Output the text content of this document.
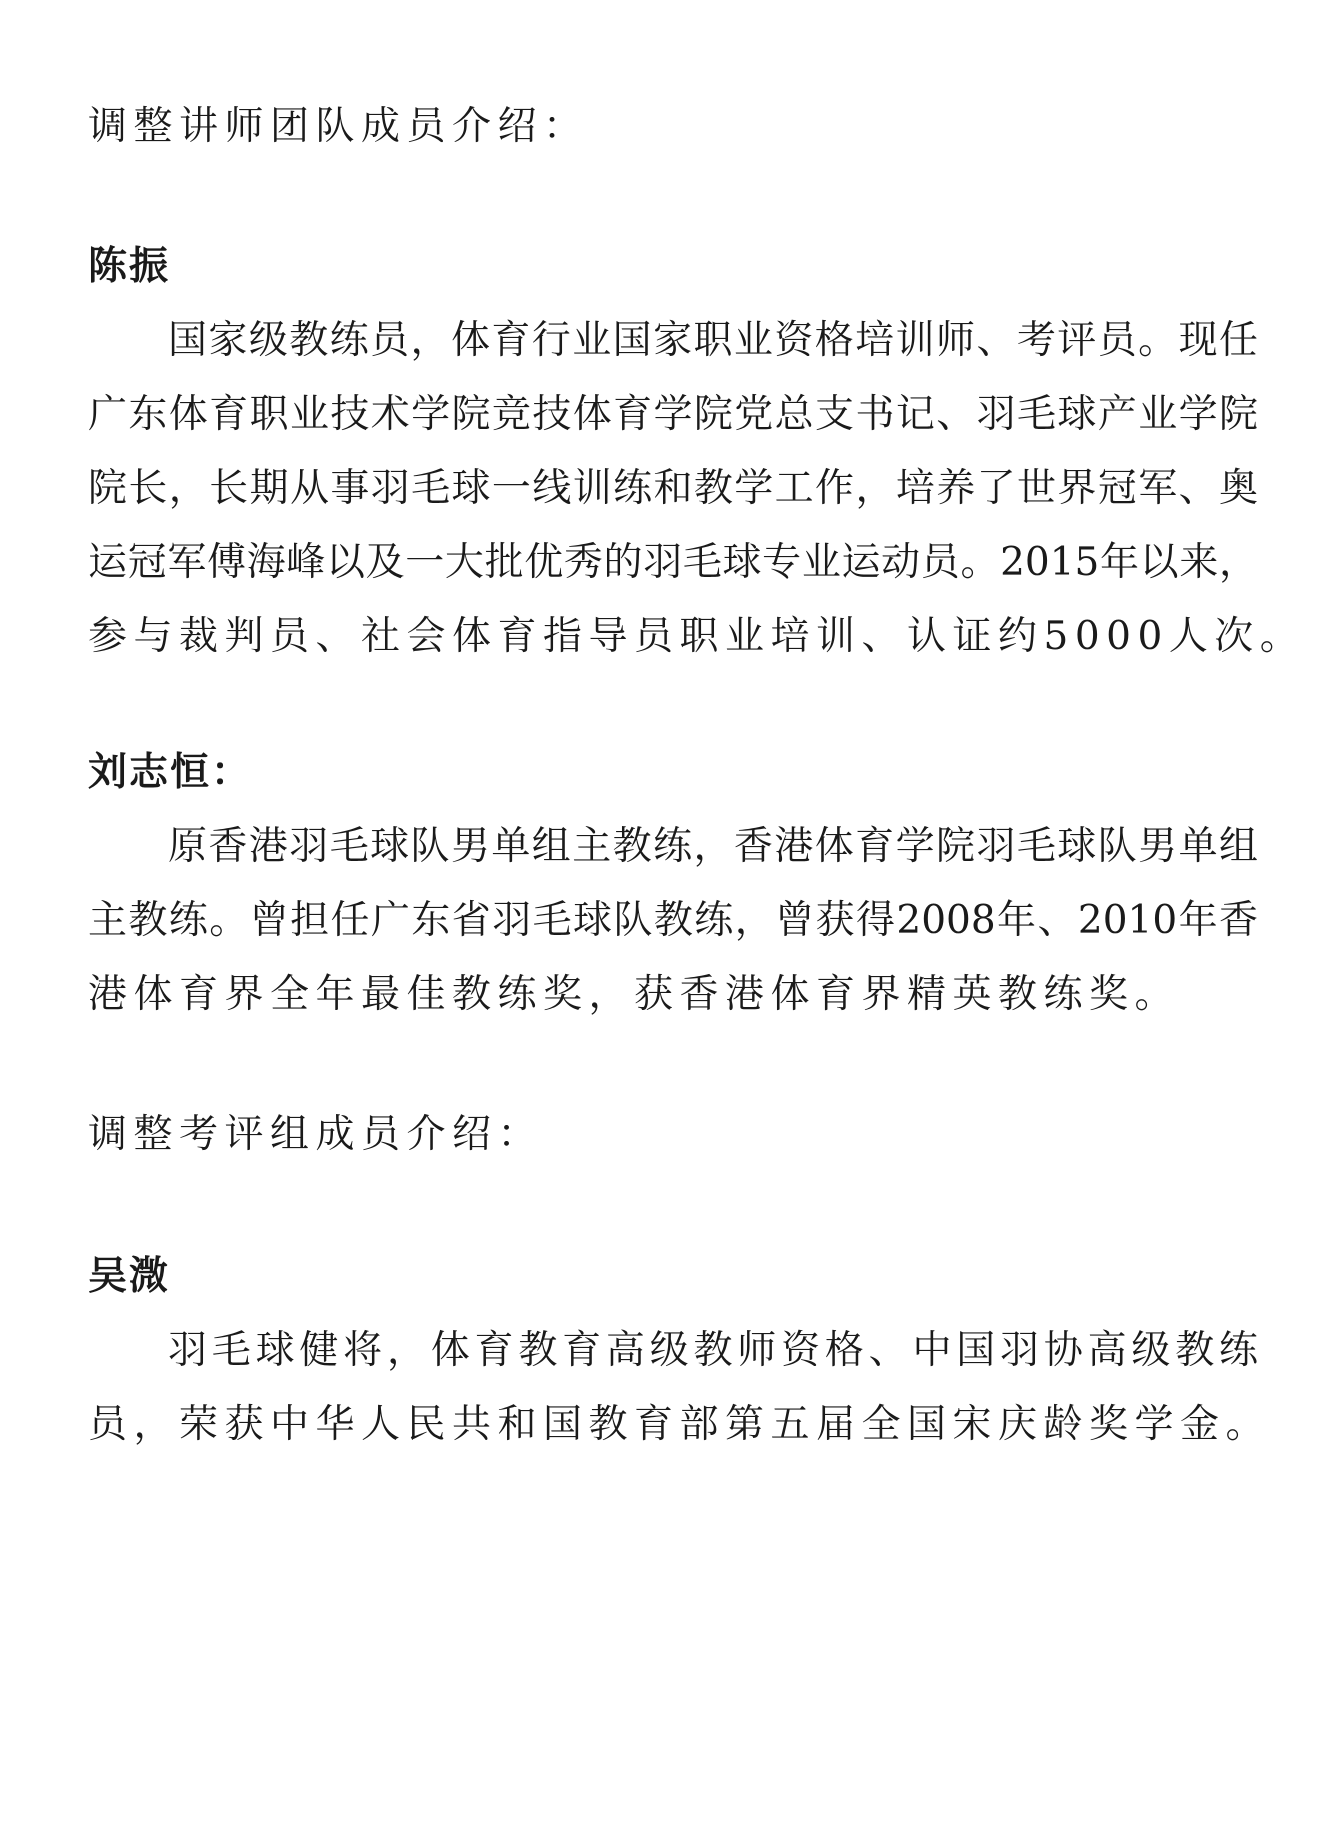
调整讲师团队成员介绍：
陈振
国家级教练员，体育行业国家职业资格培训师、考评员。现任
广东体育职业技术学院竞技体育学院党总支书记、羽毛球产业学院
院长，长期从事羽毛球一线训练和教学工作，培养了世界冠军、奥
运冠军傅海峰以及一大批优秀的羽毛球专业运动员。2015年以来，
参与裁判员、社会体育指导员职业培训、认证约5000人次。
刘志恒：
原香港羽毛球队男单组主教练，香港体育学院羽毛球队男单组
主教练。曾担任广东省羽毛球队教练，曾获得2008年、2010年香
港体育界全年最佳教练奖，获香港体育界精英教练奖。
调整考评组成员介绍：
吴溦
羽毛球健将，体育教育高级教师资格、中国羽协高级教练
员，荣获中华人民共和国教育部第五届全国宋庆龄奖学金。
